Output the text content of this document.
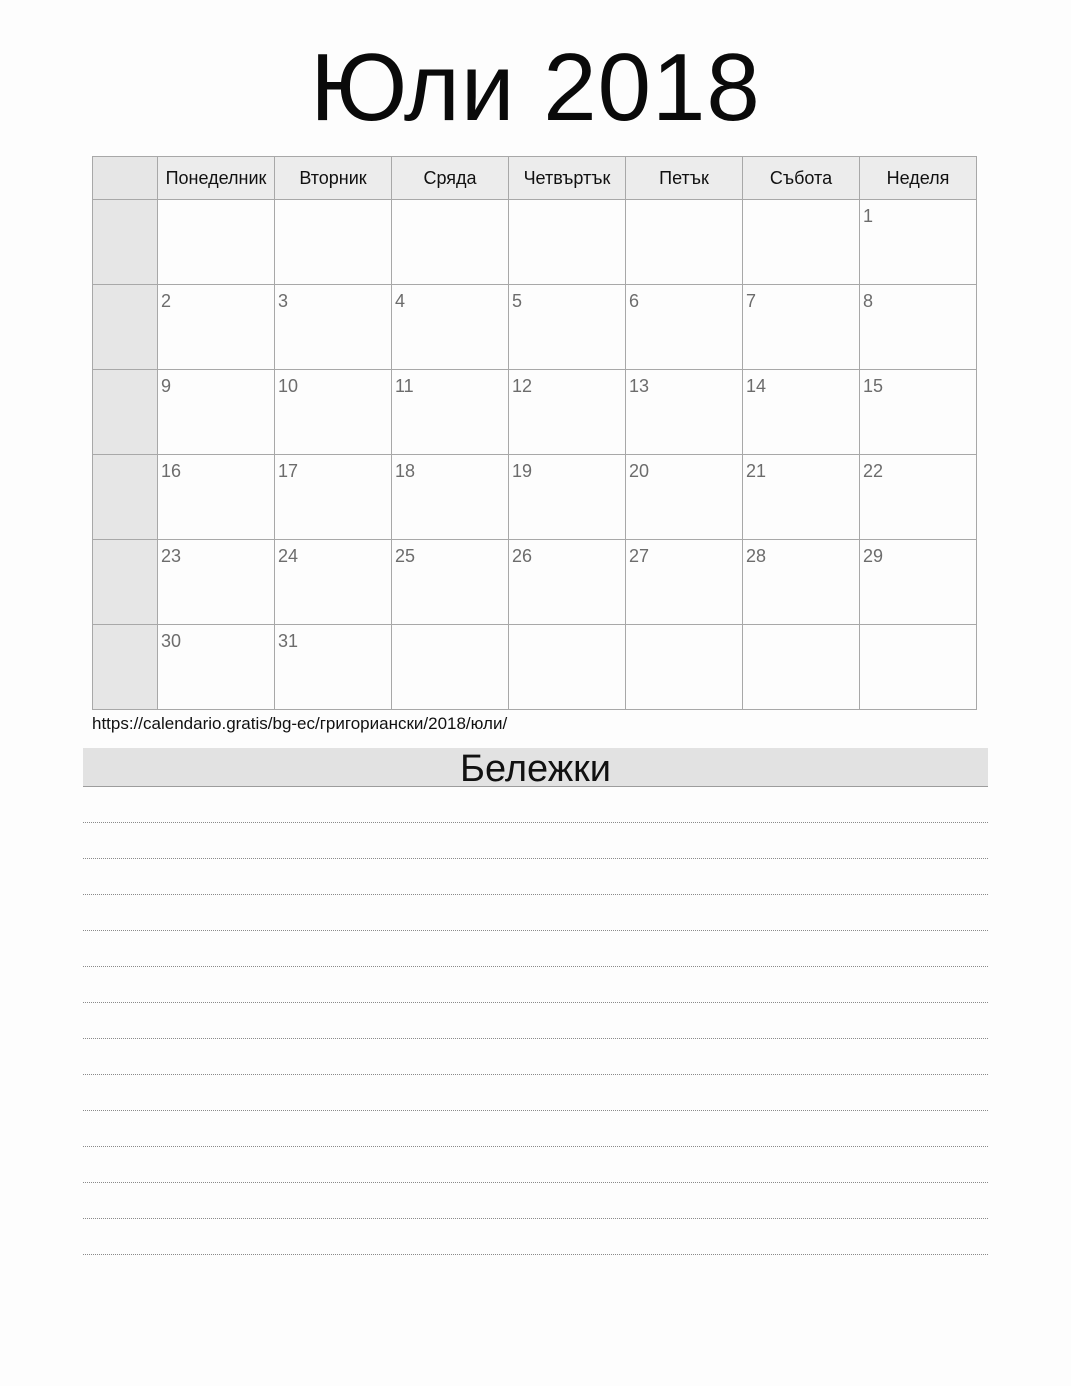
Юли 2018
	Понеделник	Вторник	Сряда	Четвъртък	Петък	Събота	Неделя

							1

	2	3	4	5	6	7	8

	9	10	11	12	13	14	15

	16	17	18	19	20	21	22

	23	24	25	26	27	28	29

	30	31					

https://calendario.gratis/bg-ec/григориански/2018/юли/
Бележки
